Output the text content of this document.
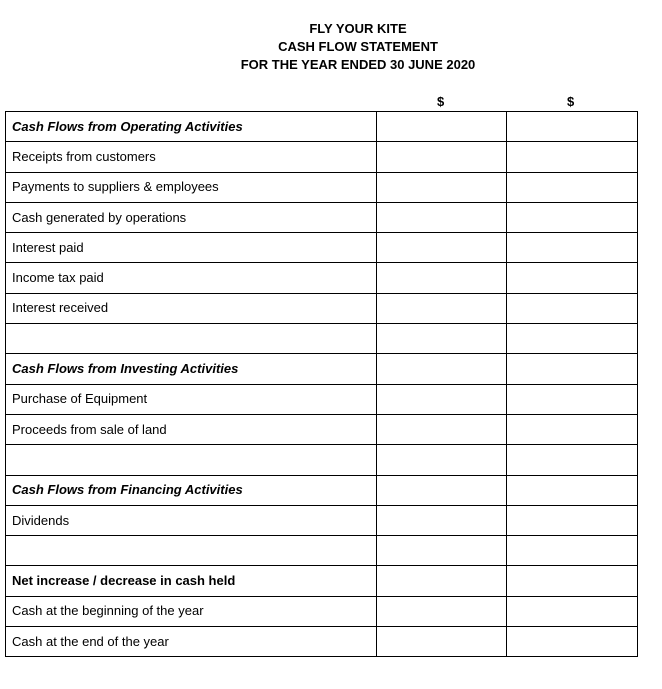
FLY YOUR KITE
CASH FLOW STATEMENT
FOR THE YEAR ENDED 30 JUNE 2020
$	$
Cash Flows from Operating Activities		
Receipts from customers		
Payments to suppliers & employees		
Cash generated by operations		
Interest paid		
Income tax paid		
Interest received		

Cash Flows from Investing Activities		
Purchase of Equipment		
Proceeds from sale of land		

Cash Flows from Financing Activities		
Dividends		

Net increase / decrease in cash held		
Cash at the beginning of the year		
Cash at the end of the year		
